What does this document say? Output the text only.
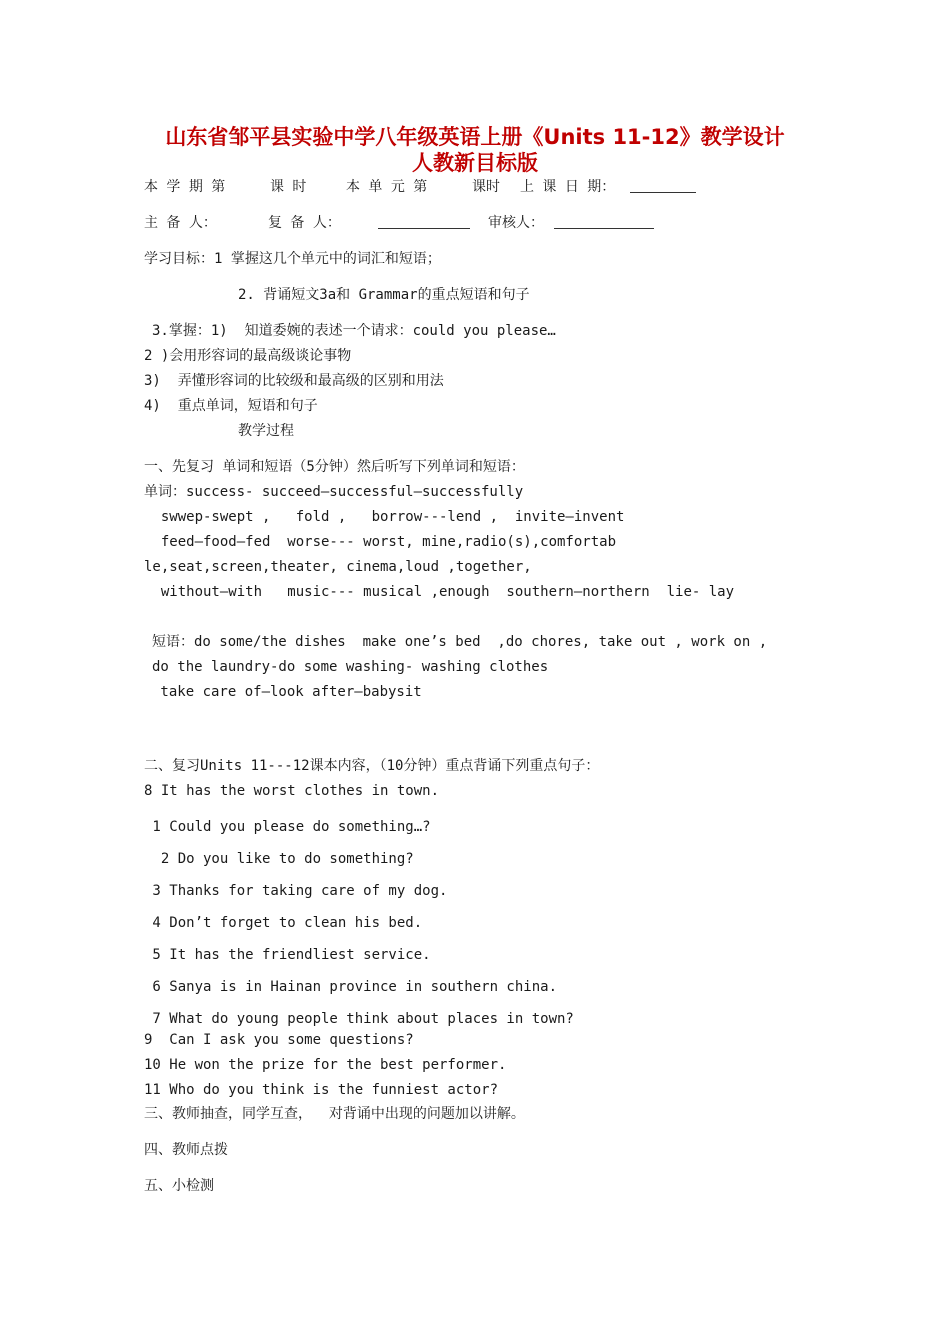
山东省邹平县实验中学八年级英语上册《Units 11-12》教学设计
人教新目标版
本 学 期 第	课 时	本 单 元 第	课时 上 课 日 期：
主 备 人：	复 备 人：	审核人：
学习目标：1 掌握这几个单元中的词汇和短语；
2. 背诵短文3a和 Grammar的重点短语和句子
3.掌握：1)  知道委婉的表述一个请求：could you please…
2 )会用形容词的最高级谈论事物
3)  弄懂形容词的比较级和最高级的区别和用法
4)  重点单词，短语和句子
教学过程
一、先复习 单词和短语（5分钟）然后听写下列单词和短语：
单词：success- succeed—successful—successfully
swwep-swept ,   fold ,   borrow---lend ,  invite—invent
feed—food—fed  worse--- worst, mine,radio(s),comfortab
le,seat,screen,theater, cinema,loud ,together,
without—with   music--- musical ,enough  southern—northern  lie- lay
短语：do some/the dishes  make one’s bed  ,do chores, take out , work on ,
do the laundry-do some washing- washing clothes
take care of—look after—babysit
二、复习Units 11---12课本内容，（10分钟）重点背诵下列重点句子：
8 It has the worst clothes in town.
1 Could you please do something…?
2 Do you like to do something?
3 Thanks for taking care of my dog.
4 Don’t forget to clean his bed.
5 It has the friendliest service.
6 Sanya is in Hainan province in southern china.
7 What do young people think about places in town?
9  Can I ask you some questions?
10 He won the prize for the best performer.
11 Who do you think is the funniest actor?
三、教师抽查，同学互查，  对背诵中出现的问题加以讲解。
四、教师点拨
五、小检测
